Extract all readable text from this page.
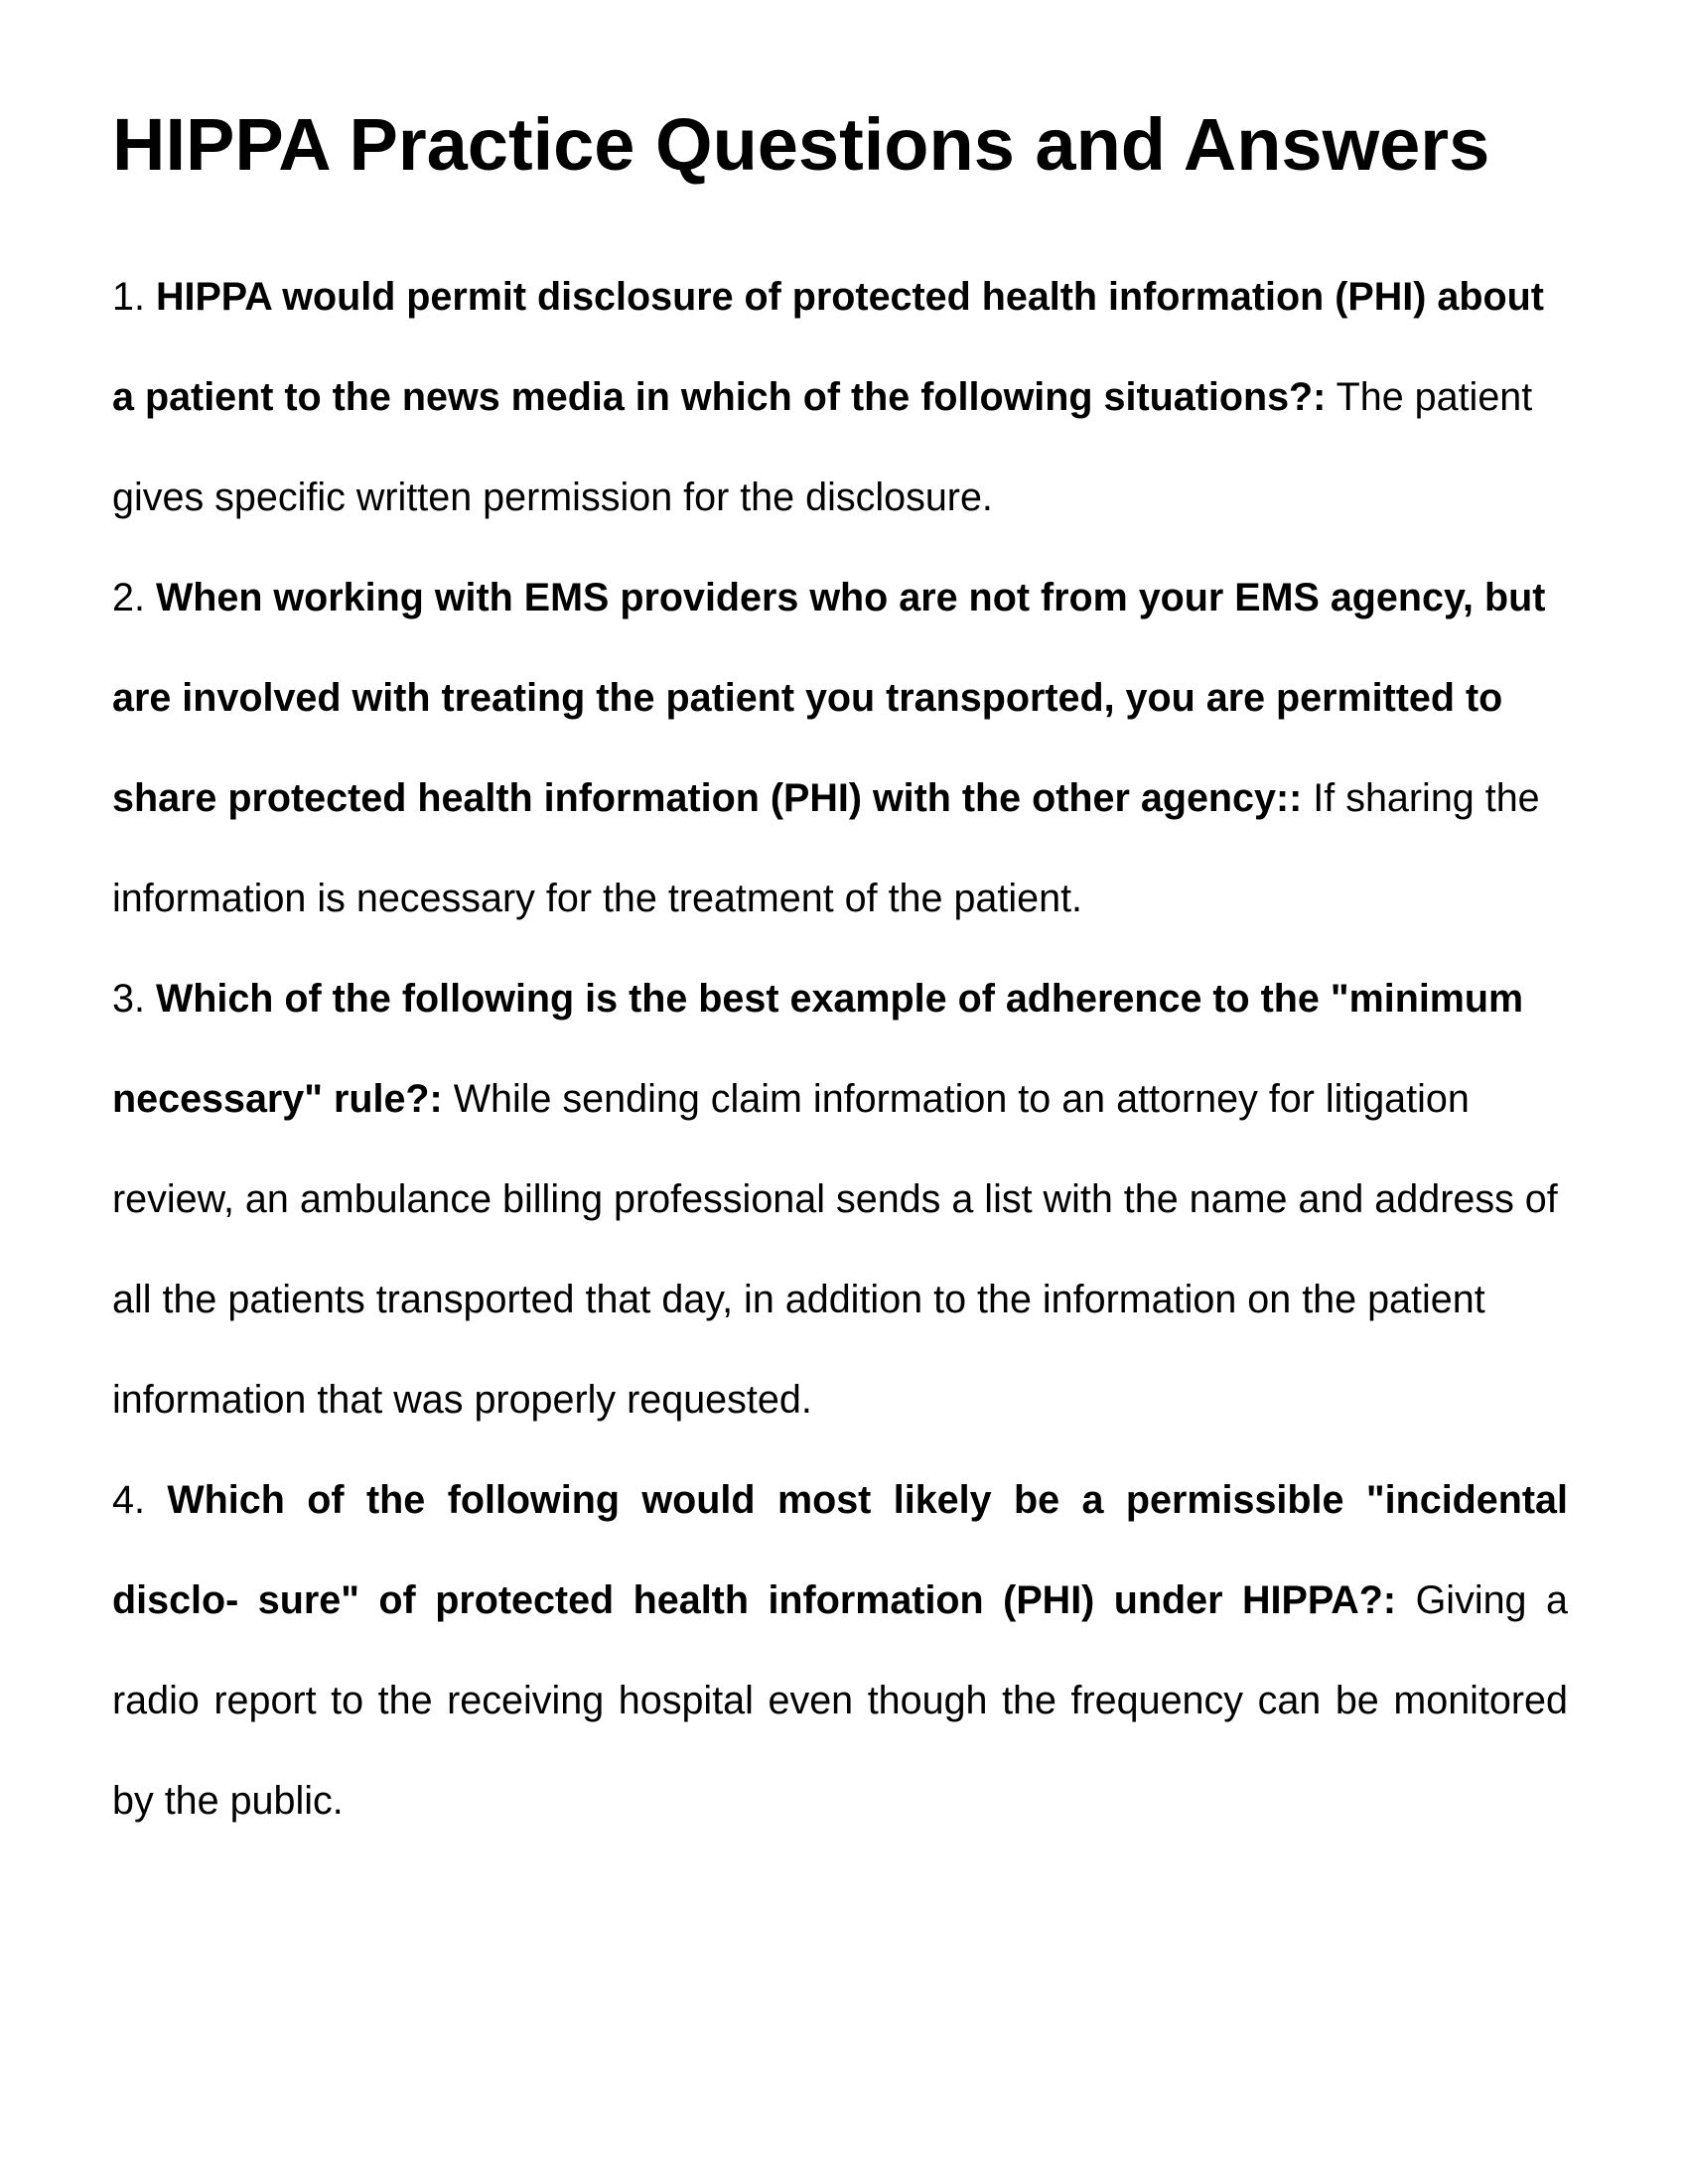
HIPPA Practice Questions and Answers

1. HIPPA would permit disclosure of protected health information (PHI) about a patient to the news media in which of the following situations?: The patient gives specific written permission for the disclosure.

2. When working with EMS providers who are not from your EMS agency, but are involved with treating the patient you transported, you are permitted to share protected health information (PHI) with the other agency:: If sharing the information is necessary for the treatment of the patient.

3. Which of the following is the best example of adherence to the "minimum necessary" rule?: While sending claim information to an attorney for litigation review, an ambulance billing professional sends a list with the name and address of all the patients transported that day, in addition to the information on the patient information that was properly requested.

4. Which of the following would most likely be a permissible "incidental disclo- sure" of protected health information (PHI) under HIPPA?: Giving a radio report to the receiving hospital even though the frequency can be monitored by the public.
